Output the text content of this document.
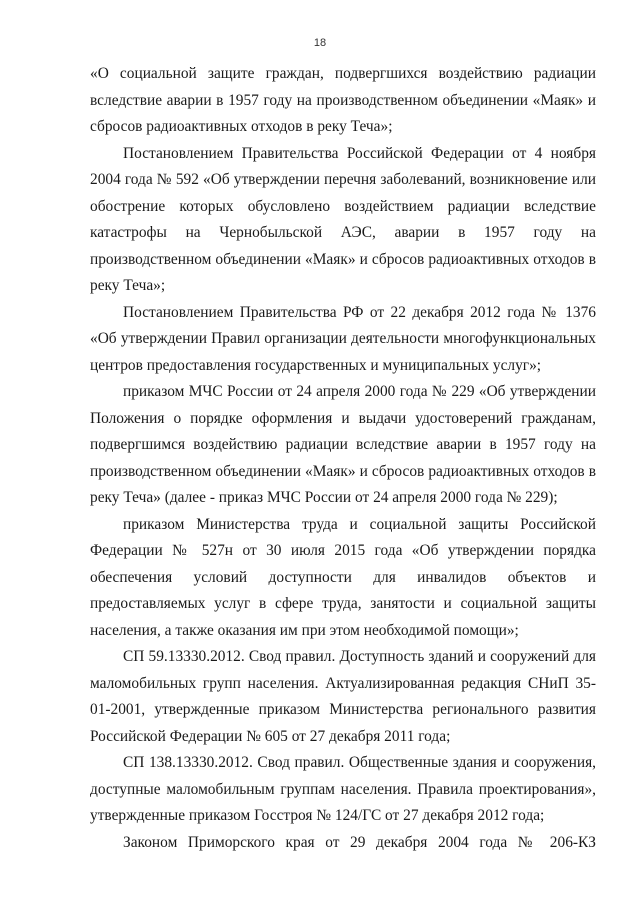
18

«О социальной защите граждан, подвергшихся воздействию радиации вследствие аварии в 1957 году на производственном объединении «Маяк» и сбросов радиоактивных отходов в реку Теча»;

Постановлением Правительства Российской Федерации от 4 ноября 2004 года № 592 «Об утверждении перечня заболеваний, возникновение или обострение которых обусловлено воздействием радиации вследствие катастрофы на Чернобыльской АЭС, аварии в 1957 году на производственном объединении «Маяк» и сбросов радиоактивных отходов в реку Теча»;

Постановлением Правительства РФ от 22 декабря 2012 года № 1376 «Об утверждении Правил организации деятельности многофункциональных центров предоставления государственных и муниципальных услуг»;

приказом МЧС России от 24 апреля 2000 года № 229 «Об утверждении Положения о порядке оформления и выдачи удостоверений гражданам, подвергшимся воздействию радиации вследствие аварии в 1957 году на производственном объединении «Маяк» и сбросов радиоактивных отходов в реку Теча» (далее - приказ МЧС России от 24 апреля 2000 года № 229);

приказом Министерства труда и социальной защиты Российской Федерации № 527н от 30 июля 2015 года «Об утверждении порядка обеспечения условий доступности для инвалидов объектов и предоставляемых услуг в сфере труда, занятости и социальной защиты населения, а также оказания им при этом необходимой помощи»;

СП 59.13330.2012. Свод правил. Доступность зданий и сооружений для маломобильных групп населения. Актуализированная редакция СНиП 35-01-2001, утвержденные приказом Министерства регионального развития Российской Федерации № 605 от 27 декабря 2011 года;

СП 138.13330.2012. Свод правил. Общественные здания и сооружения, доступные маломобильным группам населения. Правила проектирования», утвержденные приказом Госстроя № 124/ГС от 27 декабря 2012 года;

Законом Приморского края от 29 декабря 2004 года № 206-КЗ
